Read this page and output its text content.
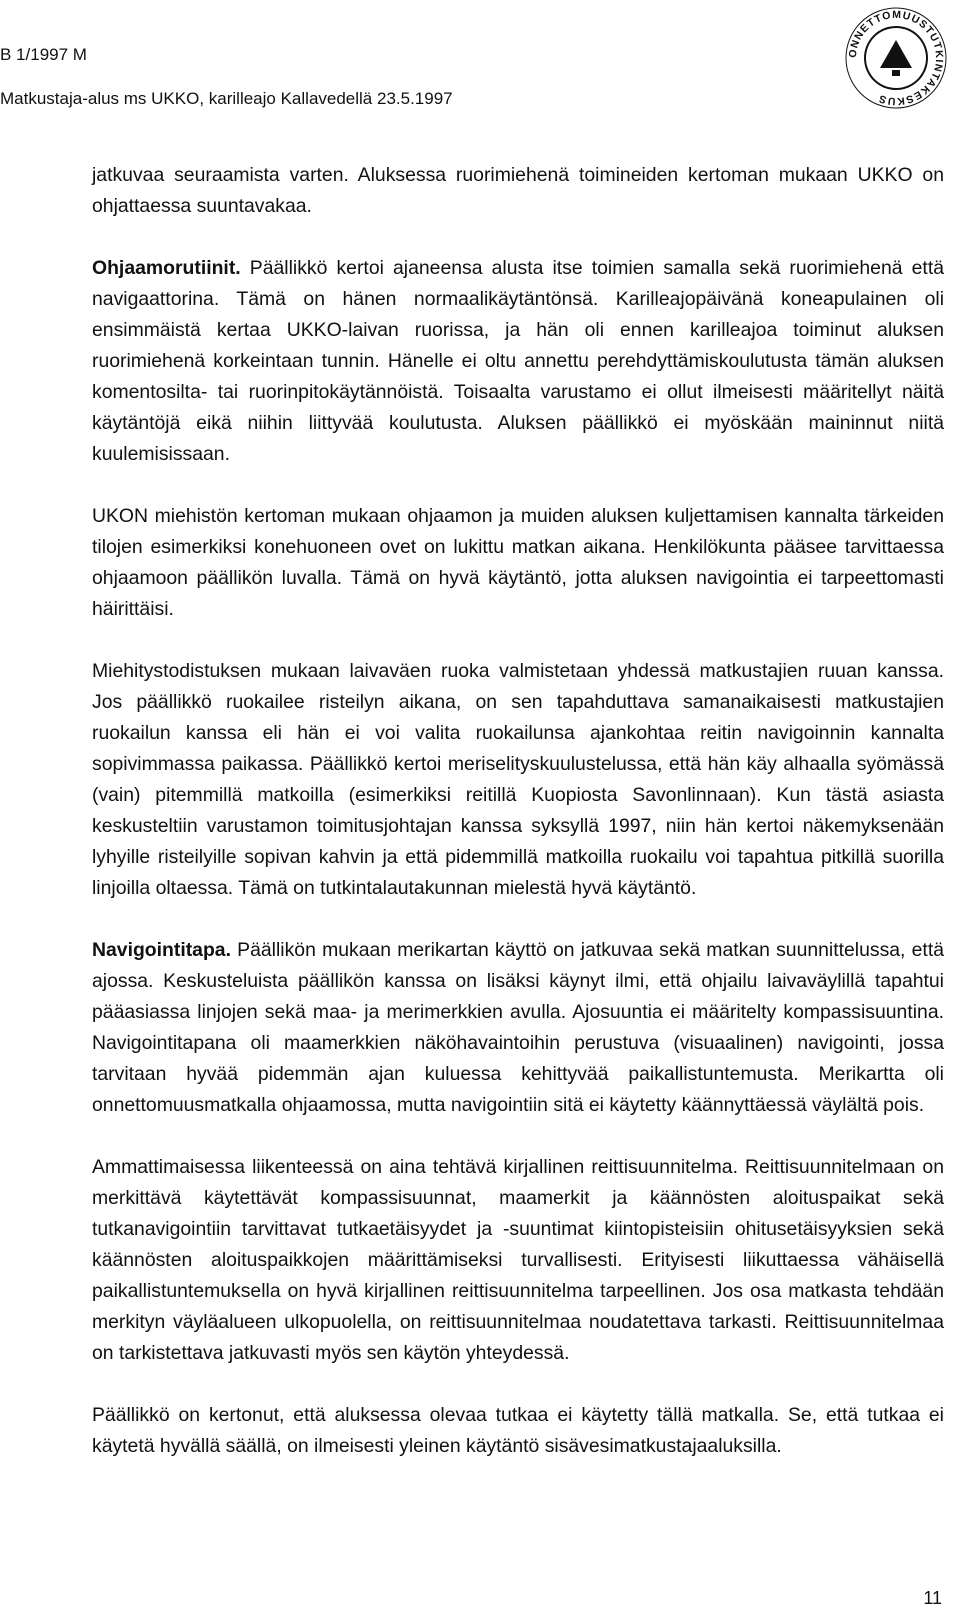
B 1/1997 M
Matkustaja-alus ms UKKO, karilleajo Kallavedellä 23.5.1997
ONNETTOMUUSTUTKINTAKESKUS

jatkuvaa seuraamista varten. Aluksessa ruorimiehenä toimineiden kertoman mukaan UKKO on ohjattaessa suuntavakaa.

Ohjaamorutiinit. Päällikkö kertoi ajaneensa alusta itse toimien samalla sekä ruorimiehenä että navigaattorina. Tämä on hänen normaalikäytäntönsä. Karilleajopäivänä koneapulainen oli ensimmäistä kertaa UKKO-laivan ruorissa, ja hän oli ennen karilleajoa toiminut aluksen ruorimiehenä korkeintaan tunnin. Hänelle ei oltu annettu perehdyttämiskoulutusta tämän aluksen komentosilta- tai ruorinpitokäytännöistä. Toisaalta varustamo ei ollut ilmeisesti määritellyt näitä käytäntöjä eikä niihin liittyvää koulutusta. Aluksen päällikkö ei myöskään maininnut niitä kuulemisissaan.

UKON miehistön kertoman mukaan ohjaamon ja muiden aluksen kuljettamisen kannalta tärkeiden tilojen esimerkiksi konehuoneen ovet on lukittu matkan aikana. Henkilökunta pääsee tarvittaessa ohjaamoon päällikön luvalla. Tämä on hyvä käytäntö, jotta aluksen navigointia ei tarpeettomasti häirittäisi.

Miehitystodistuksen mukaan laivaväen ruoka valmistetaan yhdessä matkustajien ruuan kanssa. Jos päällikkö ruokailee risteilyn aikana, on sen tapahduttava samanaikaisesti matkustajien ruokailun kanssa eli hän ei voi valita ruokailunsa ajankohtaa reitin navigoinnin kannalta sopivimmassa paikassa. Päällikkö kertoi meriselityskuulustelussa, että hän käy alhaalla syömässä (vain) pitemmillä matkoilla (esimerkiksi reitillä Kuopiosta Savonlinnaan). Kun tästä asiasta keskusteltiin varustamon toimitusjohtajan kanssa syksyllä 1997, niin hän kertoi näkemyksenään lyhyille risteilyille sopivan kahvin ja että pidemmillä matkoilla ruokailu voi tapahtua pitkillä suorilla linjoilla oltaessa. Tämä on tutkintalautakunnan mielestä hyvä käytäntö.

Navigointitapa. Päällikön mukaan merikartan käyttö on jatkuvaa sekä matkan suunnittelussa, että ajossa. Keskusteluista päällikön kanssa on lisäksi käynyt ilmi, että ohjailu laivaväylillä tapahtui pääasiassa linjojen sekä maa- ja merimerkkien avulla. Ajosuuntia ei määritelty kompassisuuntina. Navigointitapana oli maamerkkien näköhavaintoihin perustuva (visuaalinen) navigointi, jossa tarvitaan hyvää pidemmän ajan kuluessa kehittyvää paikallistuntemusta. Merikartta oli onnettomuusmatkalla ohjaamossa, mutta navigointiin sitä ei käytetty käännyttäessä väylältä pois.

Ammattimaisessa liikenteessä on aina tehtävä kirjallinen reittisuunnitelma. Reittisuunnitelmaan on merkittävä käytettävät kompassisuunnat, maamerkit ja käännösten aloituspaikat sekä tutkanavigointiin tarvittavat tutkaetäisyydet ja -suuntimat kiintopisteisiin ohitusetäisyyksien sekä käännösten aloituspaikkojen määrittämiseksi turvallisesti. Erityisesti liikuttaessa vähäisellä paikallistuntemuksella on hyvä kirjallinen reittisuunnitelma tarpeellinen. Jos osa matkasta tehdään merkityn väyläalueen ulkopuolella, on reittisuunnitelmaa noudatettava tarkasti. Reittisuunnitelmaa on tarkistettava jatkuvasti myös sen käytön yhteydessä.

Päällikkö on kertonut, että aluksessa olevaa tutkaa ei käytetty tällä matkalla. Se, että tutkaa ei käytetä hyvällä säällä, on ilmeisesti yleinen käytäntö sisävesimatkustajaaluksilla.

11
